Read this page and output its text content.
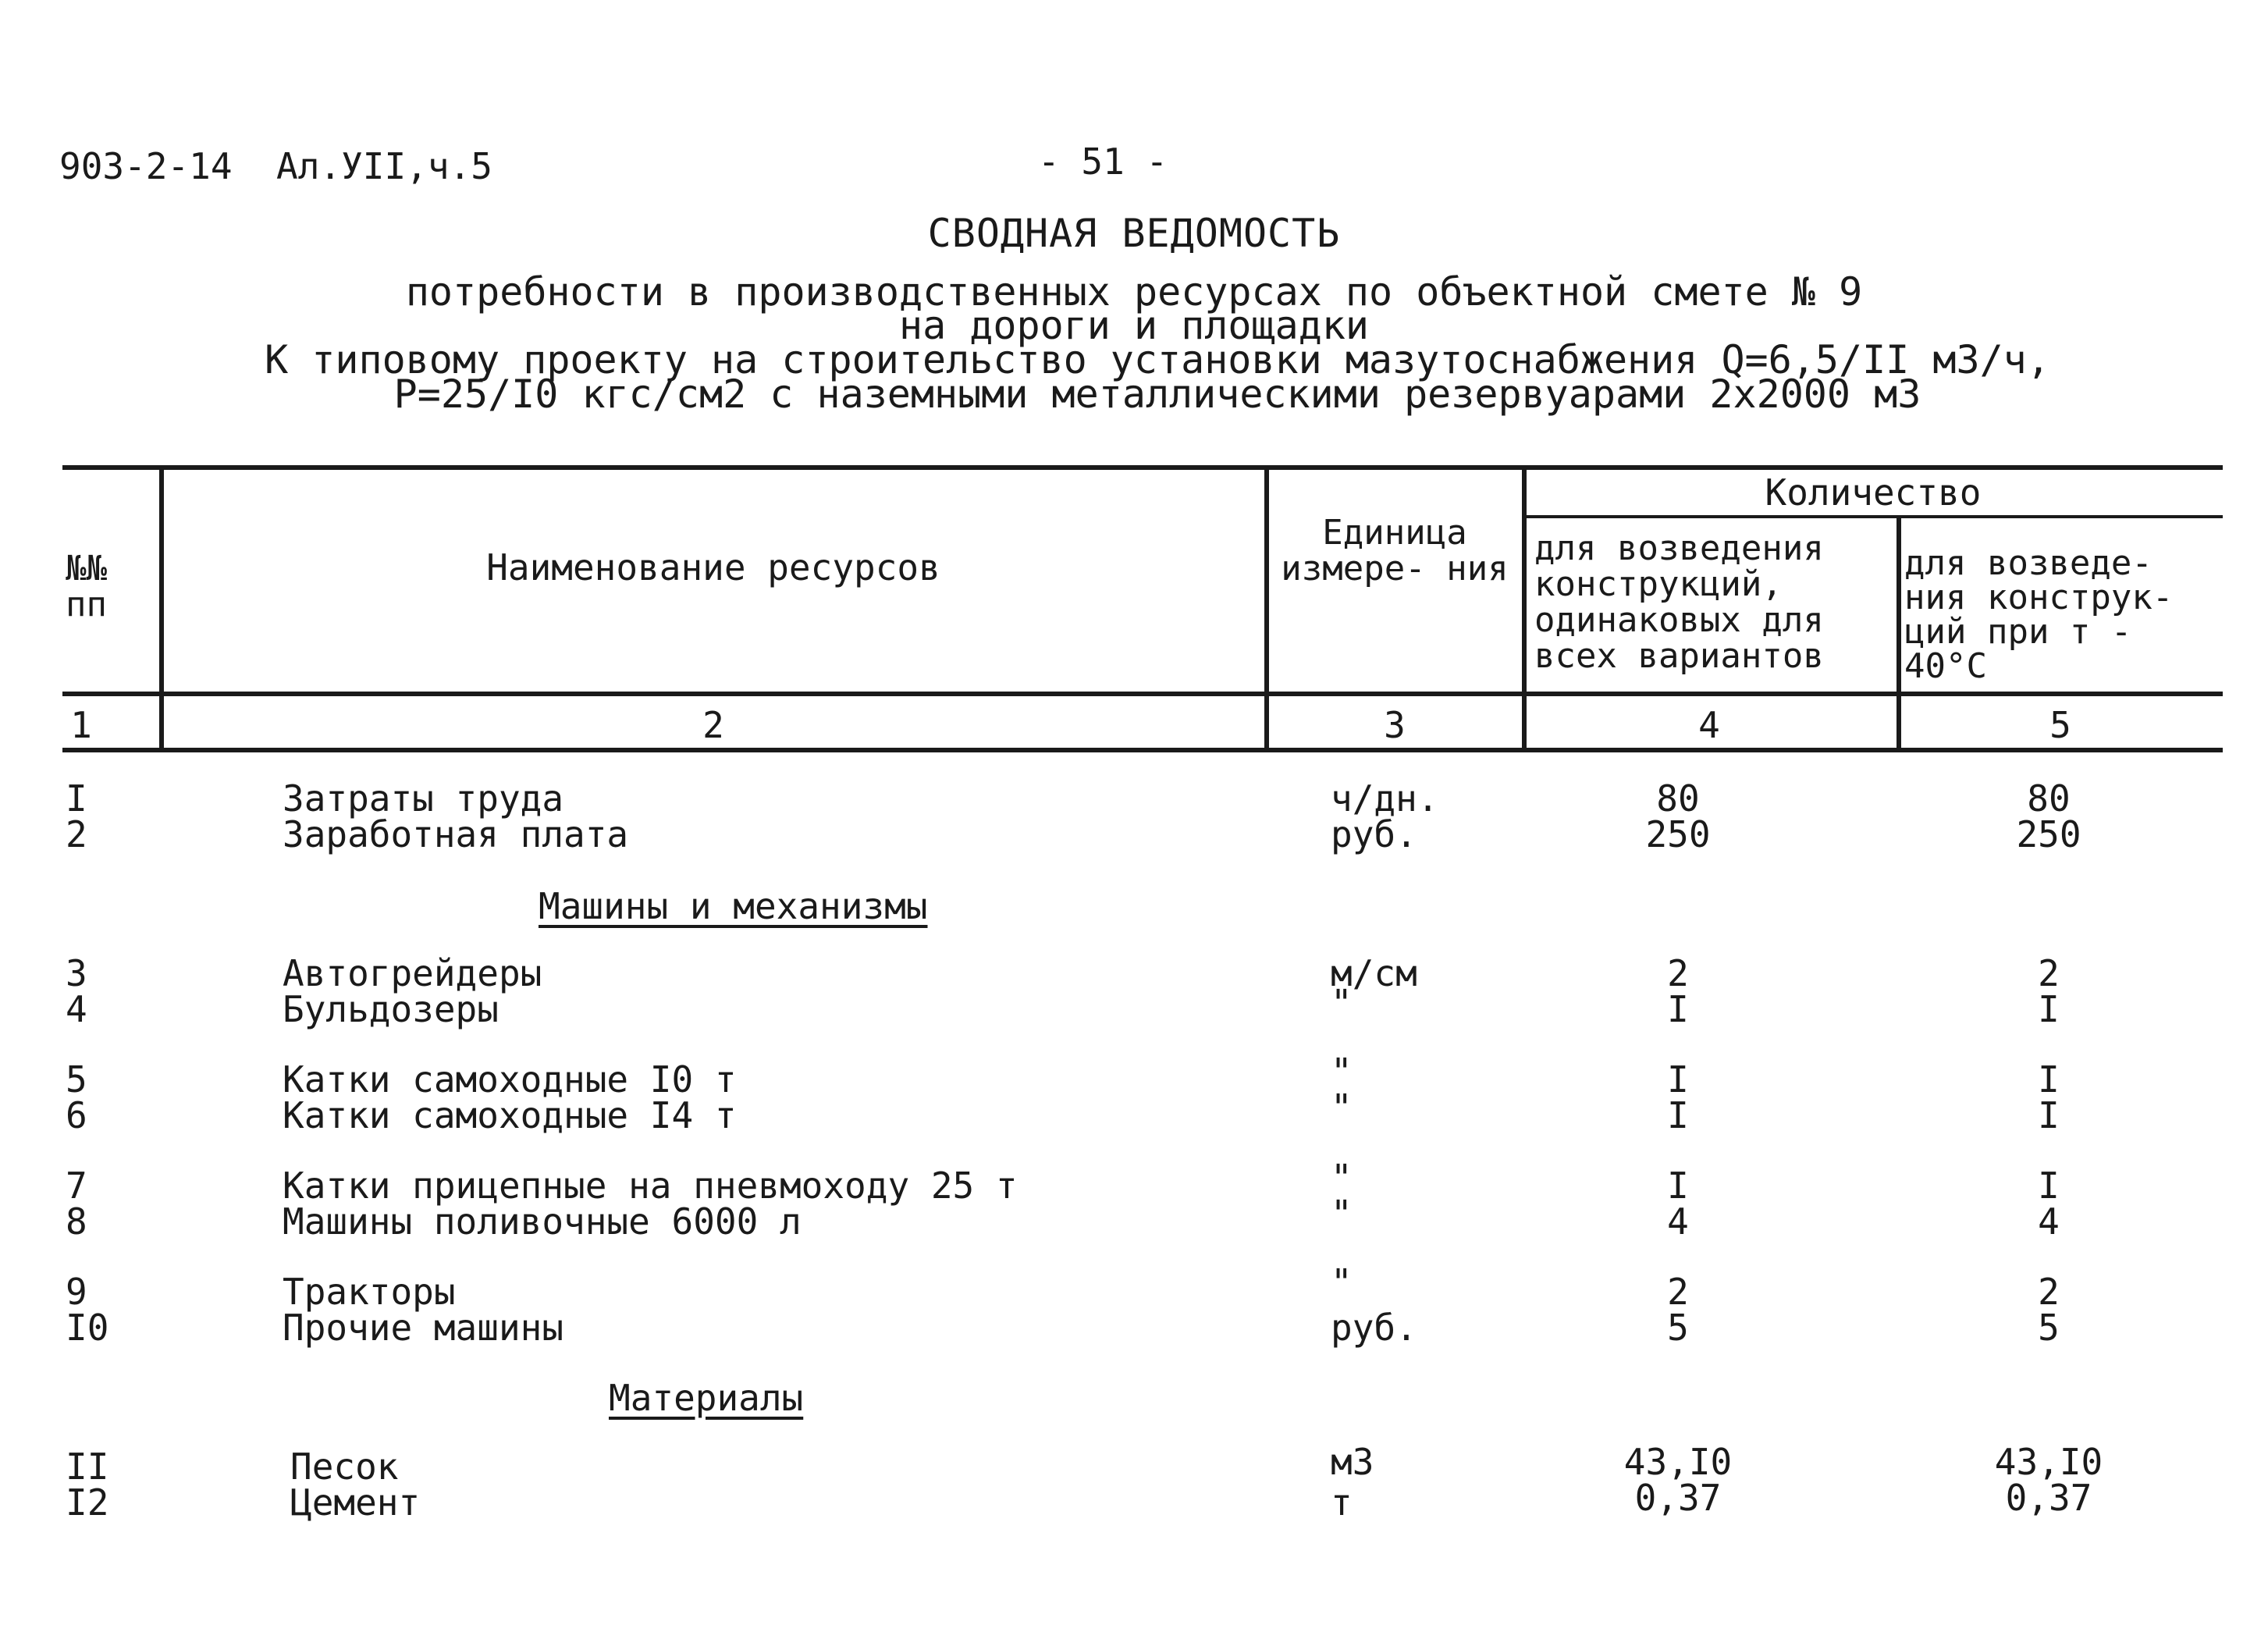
903-2-14 Ал.УII,ч.5	- 51 -
СВОДНАЯ ВЕДОМОСТЬ
потребности в производственных ресурсах по объектной смете № 9
на дороги и площадки
К типовому проекту на строительство установки мазутоснабжения Q=6,5/II м3/ч,
P=25/I0 кгс/см2 с наземными металлическими резервуарами 2х2000 м3
№№ пп
Наименование ресурсов
Единица измере- ния
Количество
для возведения конструкций, одинаковых для всех вариантов
для возведе- ния конструк- ций при т - 40°С
1	2	3	4	5
I	Затраты труда	ч/дн.	80	80
2	Заработная плата	руб.	250	250
Машины и механизмы
3	Автогрейдеры	м/см	2	2
4	Бульдозеры	"	I	I
5	Катки самоходные I0 т	"	I	I
6	Катки самоходные I4 т	"	I	I
7	Катки прицепные на пневмоходу 25 т	"	I	I
8	Машины поливочные 6000 л	"	4	4
9	Тракторы	"	2	2
I0	Прочие машины	руб.	5	5
Материалы
II	Песок	м3	43,I0	43,I0
I2	Цемент	т	0,37	0,37
